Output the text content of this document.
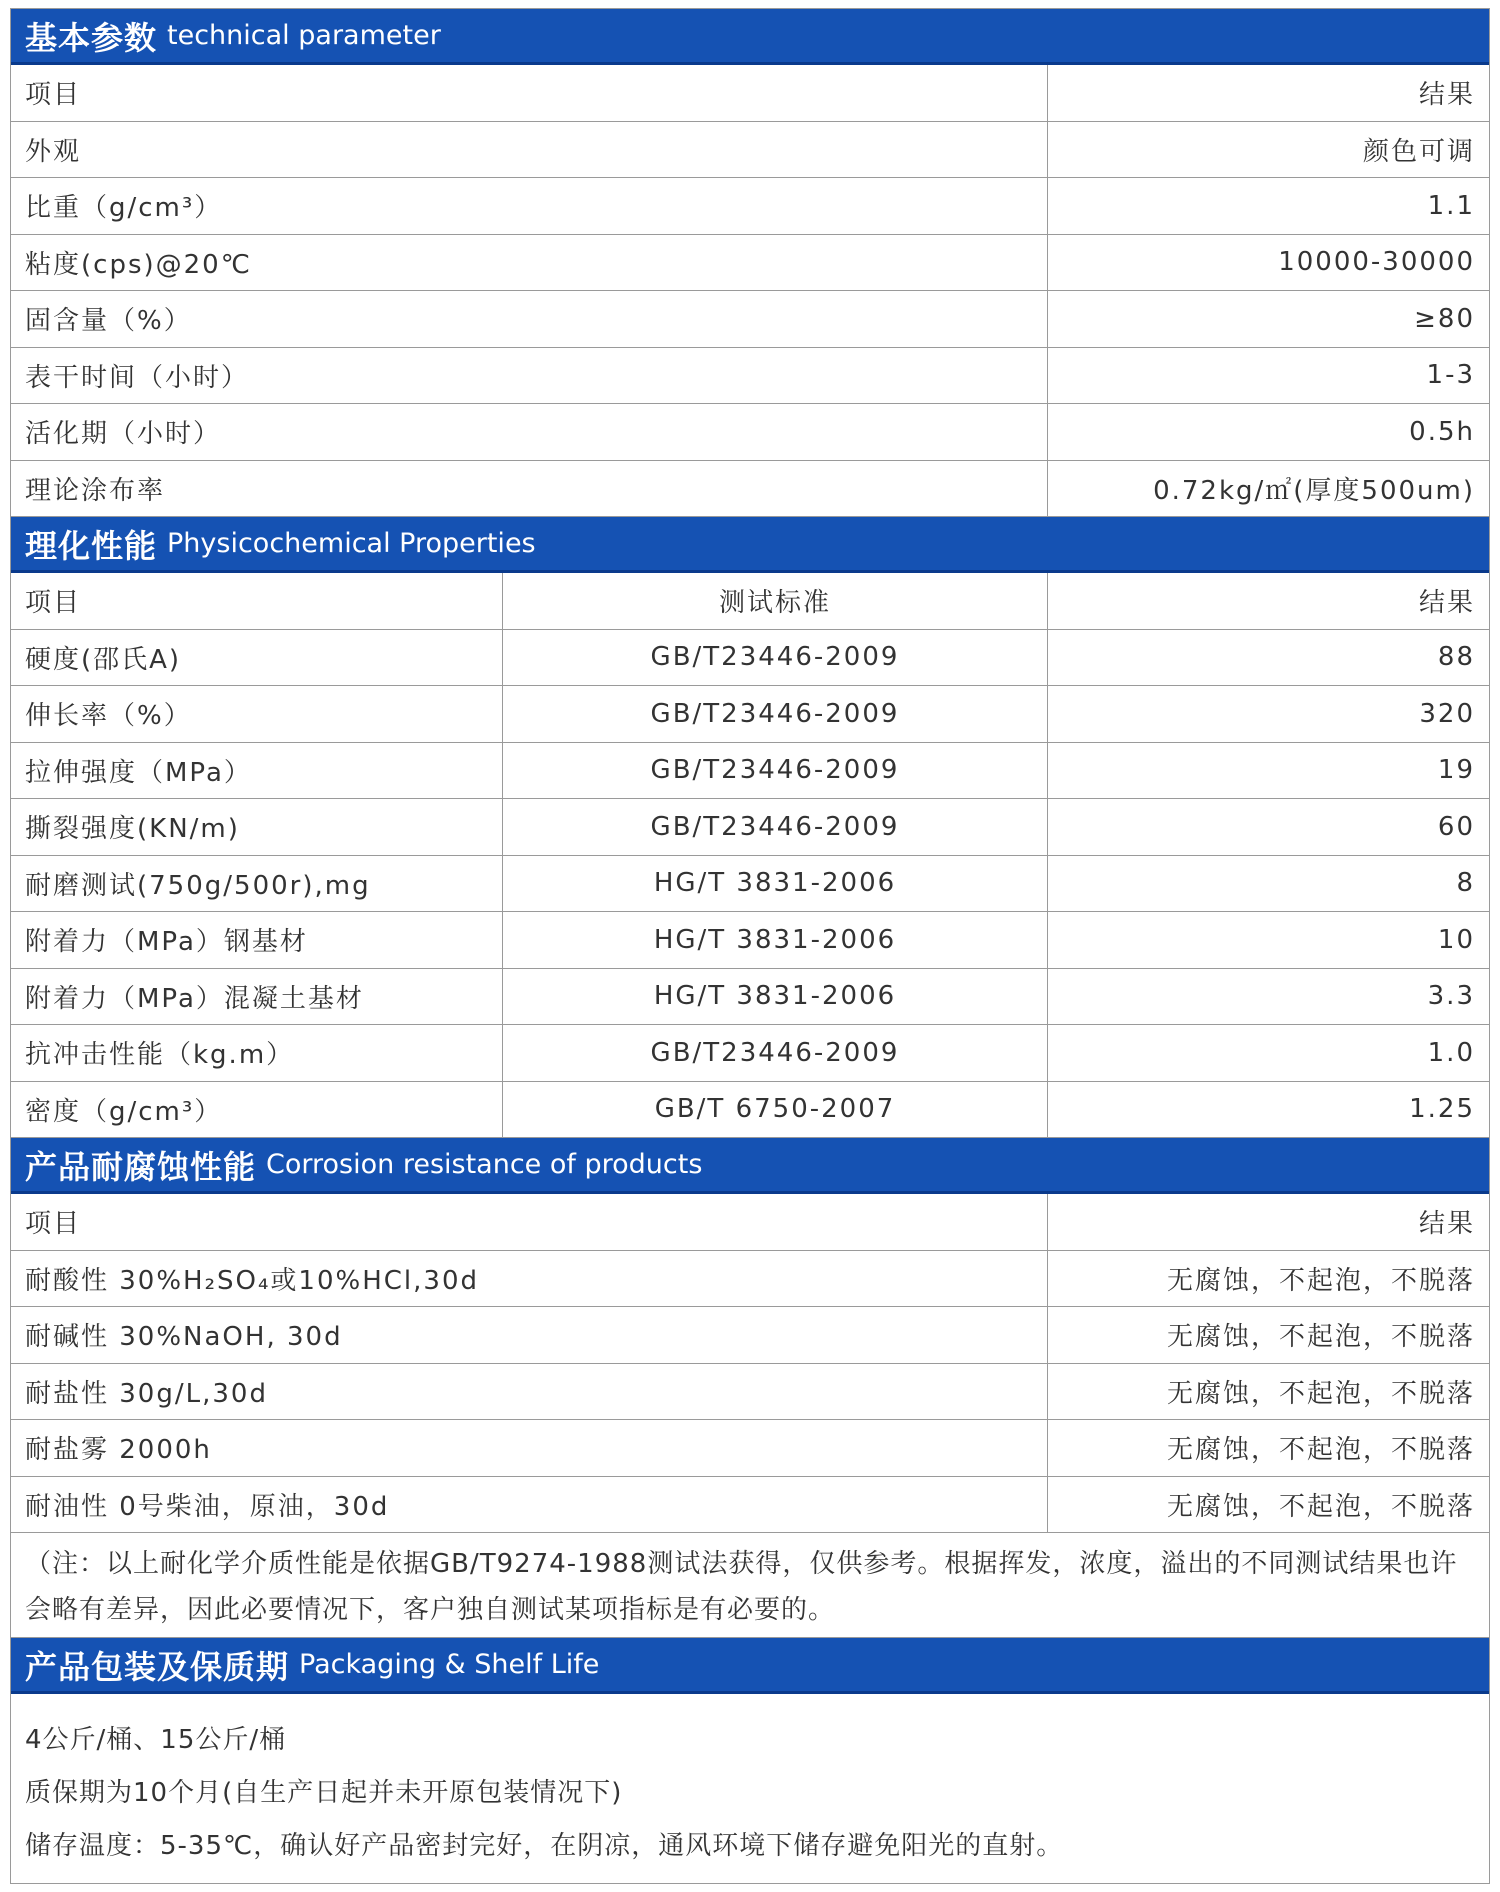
基本参数 technical parameter
项目	结果
外观	颜色可调
比重（g/cm³）	1.1
粘度(cps)@20℃	10000-30000
固含量（%）	≥80
表干时间（小时）	1-3
活化期（小时）	0.5h
理论涂布率	0.72kg/㎡(厚度500um)
理化性能 Physicochemical Properties
项目	测试标准	结果
硬度(邵氏A)	GB/T23446-2009	88
伸长率（%）	GB/T23446-2009	320
拉伸强度（MPa）	GB/T23446-2009	19
撕裂强度(KN/m)	GB/T23446-2009	60
耐磨测试(750g/500r),mg	HG/T 3831-2006	8
附着力（MPa）钢基材	HG/T 3831-2006	10
附着力（MPa）混凝土基材	HG/T 3831-2006	3.3
抗冲击性能（kg.m）	GB/T23446-2009	1.0
密度（g/cm³）	GB/T 6750-2007	1.25
产品耐腐蚀性能 Corrosion resistance of products
项目	结果
耐酸性 30%H₂SO₄或10%HCl,30d	无腐蚀，不起泡，不脱落
耐碱性 30%NaOH, 30d	无腐蚀，不起泡，不脱落
耐盐性 30g/L,30d	无腐蚀，不起泡，不脱落
耐盐雾 2000h	无腐蚀，不起泡，不脱落
耐油性 0号柴油，原油，30d	无腐蚀，不起泡，不脱落
（注：以上耐化学介质性能是依据GB/T9274-1988测试法获得，仅供参考。根据挥发，浓度，溢出的不同测试结果也许会略有差异，因此必要情况下，客户独自测试某项指标是有必要的。
产品包装及保质期 Packaging & Shelf Life
4公斤/桶、15公斤/桶
质保期为10个月(自生产日起并未开原包装情况下)
储存温度：5-35℃，确认好产品密封完好，在阴凉，通风环境下储存避免阳光的直射。
